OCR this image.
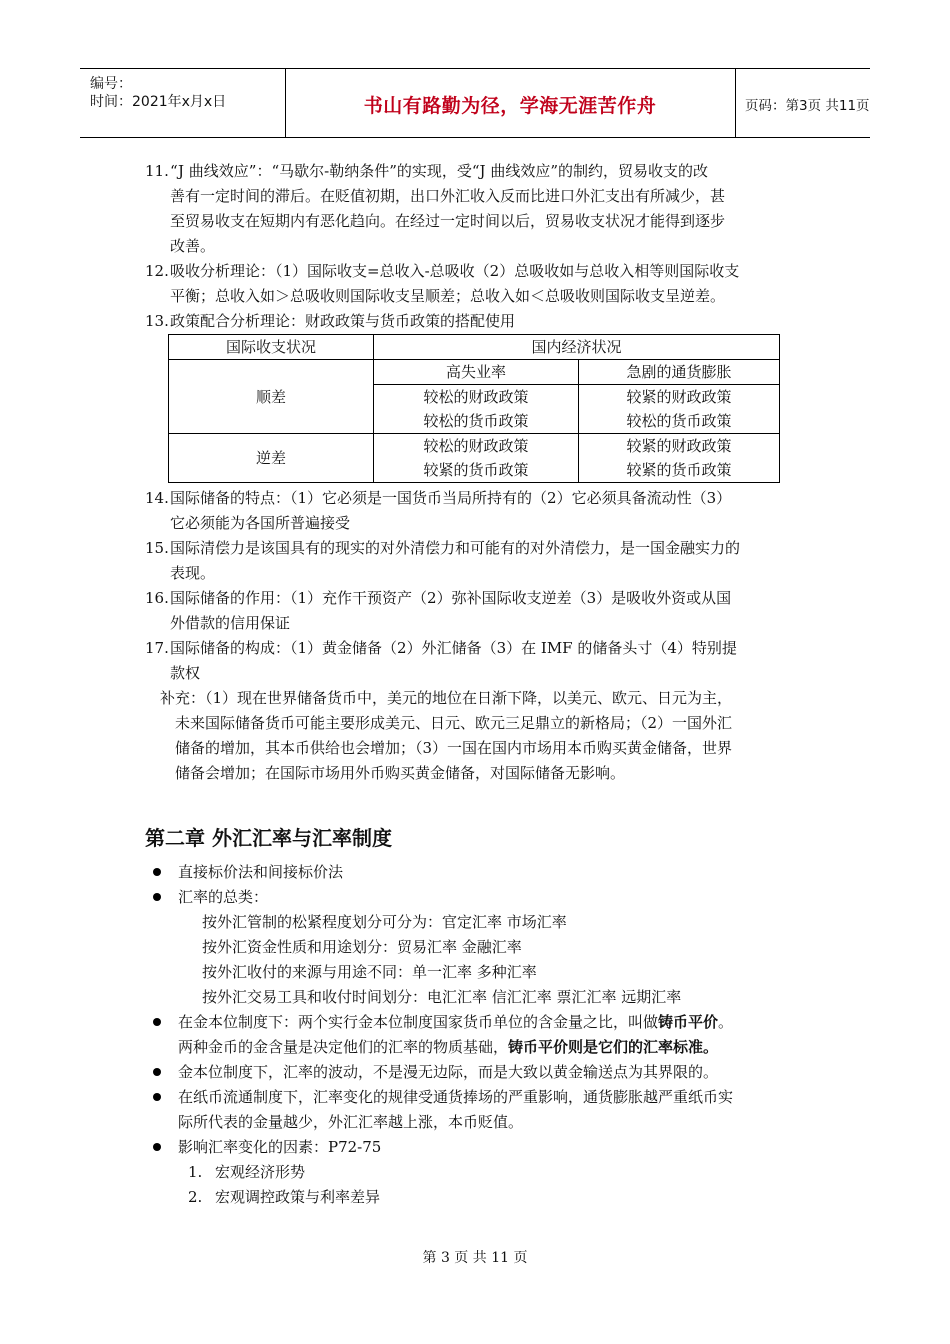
编号：
时间：2021年x月x日	书山有路勤为径，学海无涯苦作舟	页码：第3页 共11页
11. “J 曲线效应”：“马歇尔-勒纳条件”的实现，受“J 曲线效应”的制约，贸易收支的改
善有一定时间的滞后。在贬值初期，出口外汇收入反而比进口外汇支出有所减少，甚
至贸易收支在短期内有恶化趋向。在经过一定时间以后，贸易收支状况才能得到逐步
改善。
12. 吸收分析理论：（1）国际收支=总收入-总吸收（2）总吸收如与总收入相等则国际收支
平衡；总收入如＞总吸收则国际收支呈顺差；总收入如＜总吸收则国际收支呈逆差。
13. 政策配合分析理论：财政政策与货币政策的搭配使用
国际收支状况	国内经济状况	
顺差	高失业率	急剧的通货膨胀
	较松的财政政策	较紧的财政政策
	较松的货币政策	较松的货币政策
逆差	较松的财政政策	较紧的财政政策
	较紧的货币政策	较紧的货币政策
14. 国际储备的特点：（1）它必须是一国货币当局所持有的（2）它必须具备流动性（3）
它必须能为各国所普遍接受
15. 国际清偿力是该国具有的现实的对外清偿力和可能有的对外清偿力，是一国金融实力的
表现。
16. 国际储备的作用：（1）充作干预资产（2）弥补国际收支逆差（3）是吸收外资或从国
外借款的信用保证
17. 国际储备的构成：（1）黄金储备（2）外汇储备（3）在 IMF 的储备头寸（4）特别提
款权
补充：（1）现在世界储备货币中，美元的地位在日渐下降，以美元、欧元、日元为主，
未来国际储备货币可能主要形成美元、日元、欧元三足鼎立的新格局；（2）一国外汇
储备的增加，其本币供给也会增加；（3）一国在国内市场用本币购买黄金储备，世界
储备会增加；在国际市场用外币购买黄金储备，对国际储备无影响。
第二章 外汇汇率与汇率制度
直接标价法和间接标价法
汇率的总类：
按外汇管制的松紧程度划分可分为：官定汇率 市场汇率
按外汇资金性质和用途划分：贸易汇率 金融汇率
按外汇收付的来源与用途不同：单一汇率 多种汇率
按外汇交易工具和收付时间划分：电汇汇率 信汇汇率 票汇汇率 远期汇率
在金本位制度下：两个实行金本位制度国家货币单位的含金量之比，叫做铸币平价。
两种金币的金含量是决定他们的汇率的物质基础，铸币平价则是它们的汇率标准。
金本位制度下，汇率的波动，不是漫无边际，而是大致以黄金输送点为其界限的。
在纸币流通制度下，汇率变化的规律受通货捧场的严重影响，通货膨胀越严重纸币实
际所代表的金量越少，外汇汇率越上涨，本币贬值。
影响汇率变化的因素：P72-75
1. 宏观经济形势
2. 宏观调控政策与利率差异
第 3 页 共 11 页
